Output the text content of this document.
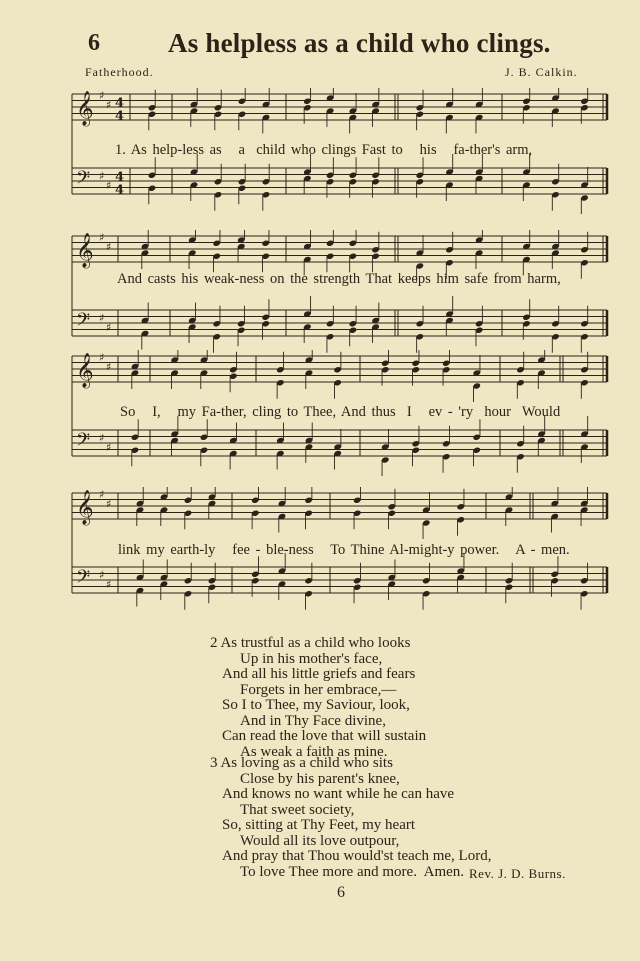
6	As helpless as a child who clings.
Fatherhood.	J. B. Calkin.
𝄞 ♯
♯ 4
4
𝄢 ♯
♯
4
4
1. As help-less as   a  child who clings Fast to   his   fa-ther's arm,
𝄞 ♯
♯
𝄢 ♯
♯
And casts his weak-ness on the strength That keeps him safe from harm,
𝄞 ♯
♯
𝄢 ♯
♯
So   I,   my Fa-ther, cling to Thee, And thus  I   ev - 'ry  hour  Would
𝄞 ♯
♯
𝄢 ♯
♯
link my earth-ly   fee - ble-ness   To Thine Al-might-y power.   A - men.
2 As trustful as a child who looks
Up in his mother's face,
And all his little griefs and fears
Forgets in her embrace,—
So I to Thee, my Saviour, look,
And in Thy Face divine,
Can read the love that will sustain
As weak a faith as mine.
3 As loving as a child who sits
Close by his parent's knee,
And knows no want while he can have
That sweet society,
So, sitting at Thy Feet, my heart
Would all its love outpour,
And pray that Thou would'st teach me, Lord,
To love Thee more and more.  Amen. Rev. J. D. Burns.
6
